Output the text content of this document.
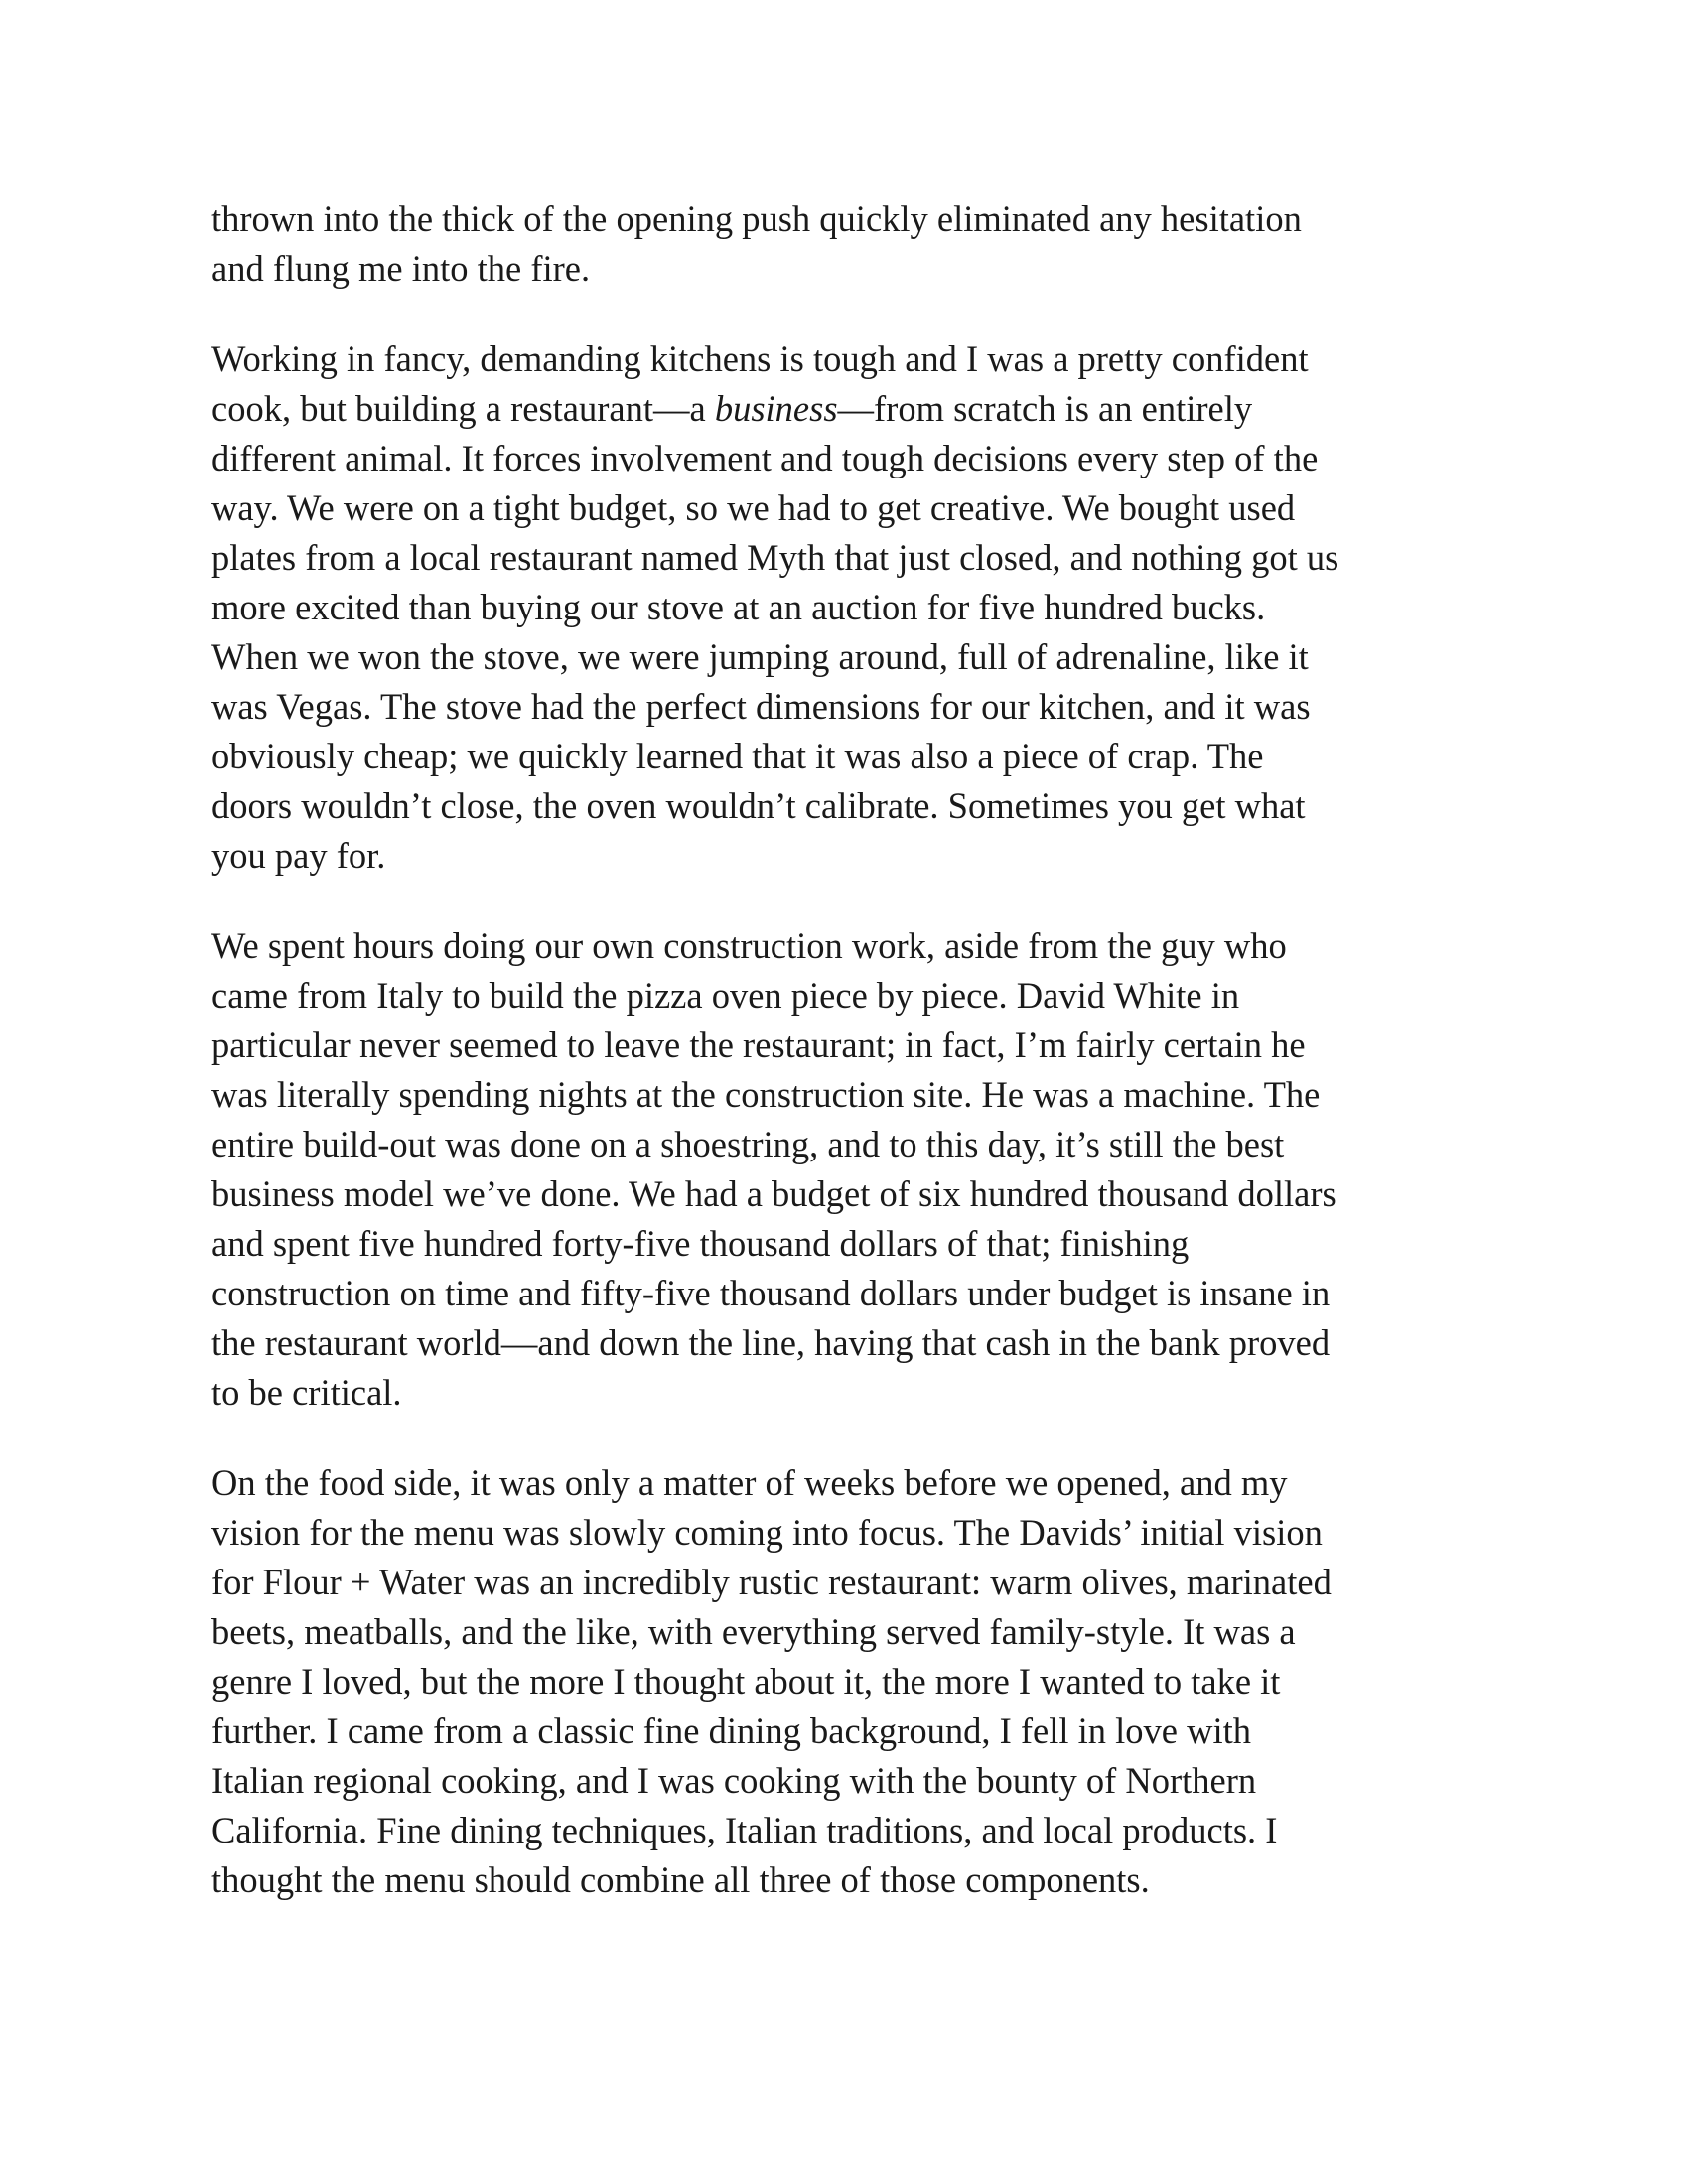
thrown into the thick of the opening push quickly eliminated any hesitation
and flung me into the fire.

Working in fancy, demanding kitchens is tough and I was a pretty confident
cook, but building a restaurant—a business—from scratch is an entirely
different animal. It forces involvement and tough decisions every step of the
way. We were on a tight budget, so we had to get creative. We bought used
plates from a local restaurant named Myth that just closed, and nothing got us
more excited than buying our stove at an auction for five hundred bucks.
When we won the stove, we were jumping around, full of adrenaline, like it
was Vegas. The stove had the perfect dimensions for our kitchen, and it was
obviously cheap; we quickly learned that it was also a piece of crap. The
doors wouldn’t close, the oven wouldn’t calibrate. Sometimes you get what
you pay for.

We spent hours doing our own construction work, aside from the guy who
came from Italy to build the pizza oven piece by piece. David White in
particular never seemed to leave the restaurant; in fact, I’m fairly certain he
was literally spending nights at the construction site. He was a machine. The
entire build-out was done on a shoestring, and to this day, it’s still the best
business model we’ve done. We had a budget of six hundred thousand dollars
and spent five hundred forty-five thousand dollars of that; finishing
construction on time and fifty-five thousand dollars under budget is insane in
the restaurant world—and down the line, having that cash in the bank proved
to be critical.

On the food side, it was only a matter of weeks before we opened, and my
vision for the menu was slowly coming into focus. The Davids’ initial vision
for Flour + Water was an incredibly rustic restaurant: warm olives, marinated
beets, meatballs, and the like, with everything served family-style. It was a
genre I loved, but the more I thought about it, the more I wanted to take it
further. I came from a classic fine dining background, I fell in love with
Italian regional cooking, and I was cooking with the bounty of Northern
California. Fine dining techniques, Italian traditions, and local products. I
thought the menu should combine all three of those components.
